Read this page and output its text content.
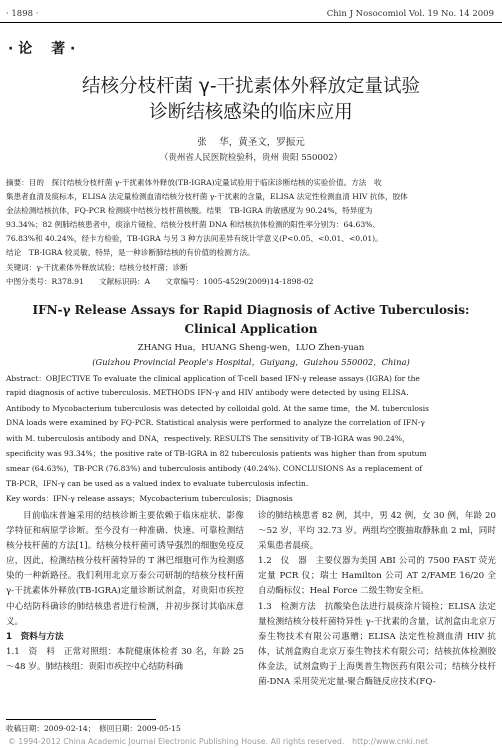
· 1898 ·	Chin J Nosocomiol Vol. 19 No. 14 2009
· 论　 著 ·
结核分枝杆菌 γ-干扰素体外释放定量试验
诊断结核感染的临床应用
张　 华，黄圣文，罗振元
（贵州省人民医院检验科，贵州 贵阳 550002）
摘要：目的　探讨结核分枝杆菌 γ-干扰素体外释放(TB-IGRA)定量试验用于临床诊断结核的实验价值。方法　收
集患者血清及痰标本，ELISA 法定量检测血清结核分枝杆菌 γ-干扰素的含量，ELISA 法定性检测血清 HIV 抗体，胶体
金法检测结核抗体，FQ-PCR 检测痰中结核分枝杆菌核酸。结果　TB-IGRA 的敏感度为 90.24%，特异度为
93.34%；82 例肺结核患者中，痰涂片镜检、结核分枝杆菌 DNA 和结核抗体检测的阳性率分别为：64.63%、
76.83%和 40.24%，经卡方检验，TB-IGRA 与另 3 种方法间差异有统计学意义(P<0.05、<0.01、<0.01)。
结论　TB-IGRA 较灵敏、特异，是一种诊断肺结核的有价值的检测方法。
关键词：γ-干扰素体外释放试验；结核分枝杆菌；诊断
中图分类号：R378.91　　文献标识码：A　　文章编号：1005-4529(2009)14-1898-02
IFN-γ Release Assays for Rapid Diagnosis of Active Tuberculosis:
Clinical Application
ZHANG Hua，HUANG Sheng-wen，LUO Zhen-yuan
(Guizhou Provincial People's Hospital，Guiyang，Guizhou 550002，China)
Abstract：OBJECTIVE To evaluate the clinical application of T-cell based IFN-γ release assays (IGRA) for the
rapid diagnosis of active tuberculosis. METHODS IFN-γ and HIV antibody were detected by using ELISA.
Antibody to Mycobacterium tuberculosis was detected by colloidal gold. At the same time，the M. tuberculosis
DNA loads were examined by FQ-PCR. Statistical analysis were performed to analyze the correlation of IFN-γ
with M. tuberculosis antibody and DNA，respectively. RESULTS The sensitivity of TB-IGRA was 90.24%，
specificity was 93.34%；the positive rate of TB-IGRA in 82 tuberculosis patients was higher than from sputum
smear (64.63%)，TB-PCR (76.83%) and tuberculosis antibody (40.24%). CONCLUSIONS As a replacement of
TB-PCR，IFN-γ can be used as a valued index to evaluate tuberculosis infectin.
Key words：IFN-γ release assays；Mycobacterium tuberculosis；Diagnosis

目前临床普遍采用的结核诊断主要依赖于临床症状、影像学特征和病原学诊断。至今没有一种准确、快速、可靠检测结核分枝杆菌的方法[1]。结核分枝杆菌可诱导强烈的细胞免疫反应，因此，检测结核分枝杆菌特异的 T 淋巴细胞可作为检测感染的一种新路径。我们利用北京万泰公司研制的结核分枝杆菌 γ-干扰素体外释放(TB-IGRA)定量诊断试剂盒，对贵阳市疾控中心结防科确诊的肺结核患者进行检测，并初步探讨其临床意义。

1　资料与方法

1.1　资　料　正常对照组：本院健康体检者 30 名，年龄 25～48 岁。肺结核组：贵阳市疾控中心结防科确

诊的肺结核患者 82 例，其中，男 42 例，女 30 例，年龄 20～52 岁，平均 32.73 岁。两组均空腹抽取静脉血 2 ml，同时采集患者晨痰。

1.2　仪　器　主要仪器为美国 ABI 公司的 7500 FAST 荧光定量 PCR 仪；瑞士 Hamilton 公司 AT 2/FAME 16/20 全自动酶标仪；Heal Force 二级生物安全柜。

1.3　检测方法　抗酸染色法进行晨痰涂片镜检；ELISA 法定量检测结核分枝杆菌特异性 γ-干扰素的含量，试剂盒由北京万泰生物技术有限公司惠赠；ELISA 法定性检测血清 HIV 抗体，试剂盒购自北京万泰生物技术有限公司；结核抗体检测胶体金法，试剂盒购于上海奥普生物医药有限公司；结核分枝杆菌-DNA 采用荧光定量-聚合酶链反应技术(FQ-

收稿日期：2009-02-14；　修回日期：2009-05-15
© 1994-2012 China Academic Journal Electronic Publishing House. All rights reserved.　http://www.cnki.net
